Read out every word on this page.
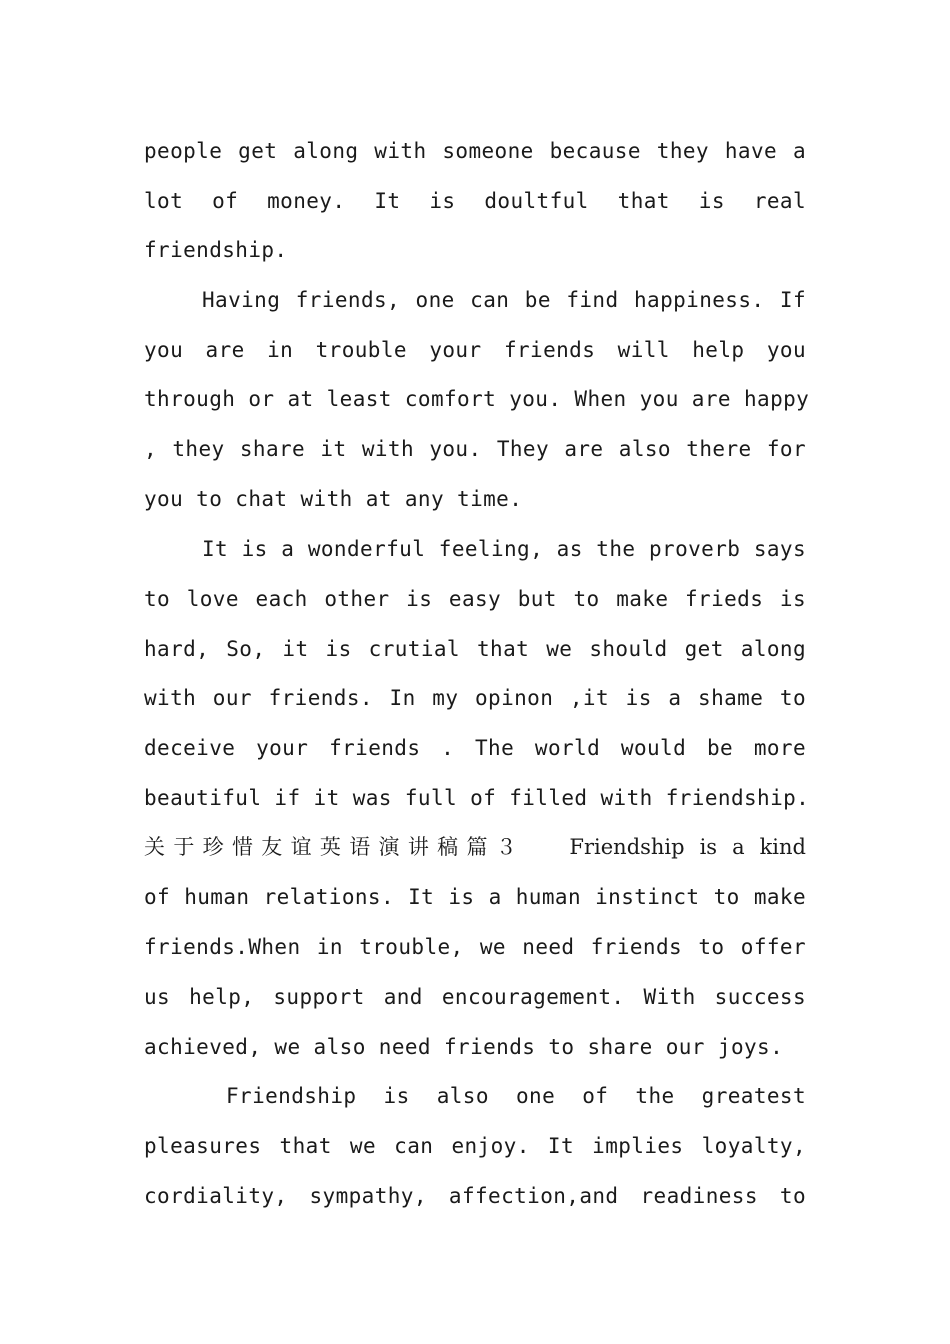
people get along with someone because they have a
lot of money. It is doultful that is real
friendship.
Having friends, one can be find happiness. If
you are in trouble your friends will help you
through or at least comfort you. When you are happy
, they share it with you. They are also there for
you to chat with at any time.
It is a wonderful feeling, as the proverb says
to love each other is easy but to make frieds is
hard, So, it is crutial that we should get along
with our friends. In my opinon ,it is a shame to
deceive your friends . The world would be more
beautiful if it was full of filled with friendship.
关于珍惜友谊英语演讲稿篇３　 Friendship is a kind
of human relations. It is a human instinct to make
friends.When in trouble, we need friends to offer
us help, support and encouragement. With success
achieved, we also need friends to share our joys.
Friendship is also one of the greatest
pleasures that we can enjoy. It implies loyalty,
cordiality, sympathy, affection,and readiness to
